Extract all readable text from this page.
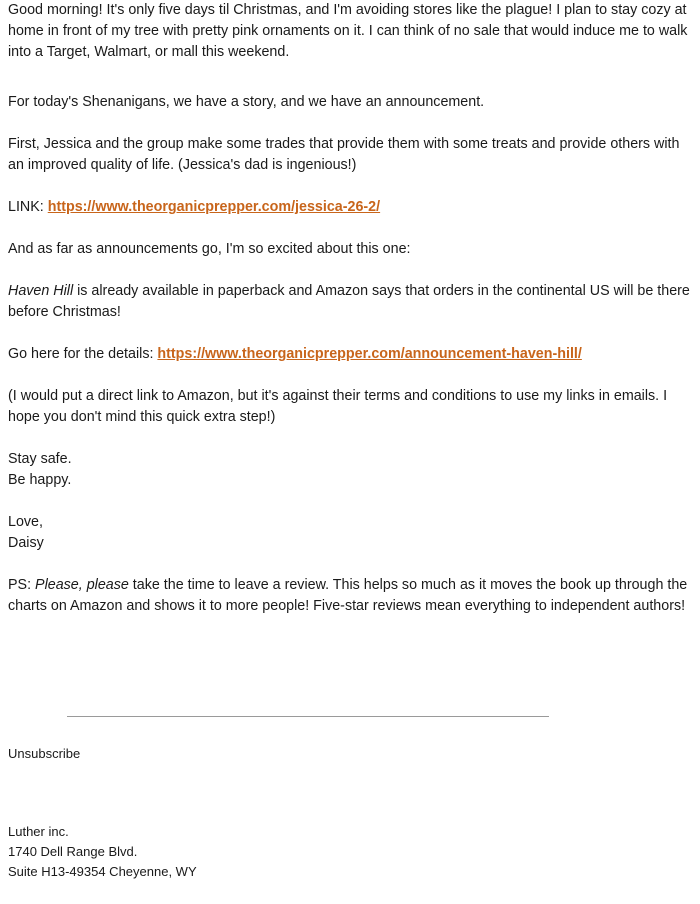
Good morning! It's only five days til Christmas, and I'm avoiding stores like the plague! I plan to stay cozy at home in front of my tree with pretty pink ornaments on it. I can think of no sale that would induce me to walk into a Target, Walmart, or mall this weekend.

For today's Shenanigans, we have a story, and we have an announcement.

First, Jessica and the group make some trades that provide them with some treats and provide others with an improved quality of life. (Jessica's dad is ingenious!)

LINK: https://www.theorganicprepper.com/jessica-26-2/

And as far as announcements go, I'm so excited about this one:

Haven Hill is already available in paperback and Amazon says that orders in the continental US will be there before Christmas!

Go here for the details: https://www.theorganicprepper.com/announcement-haven-hill/

(I would put a direct link to Amazon, but it's against their terms and conditions to use my links in emails. I hope you don't mind this quick extra step!)

Stay safe.

Be happy.

Love,

Daisy

PS: Please, please take the time to leave a review. This helps so much as it moves the book up through the charts on Amazon and shows it to more people! Five-star reviews mean everything to independent authors!

Unsubscribe

Luther inc.

1740 Dell Range Blvd.

Suite H13-49354 Cheyenne, WY
